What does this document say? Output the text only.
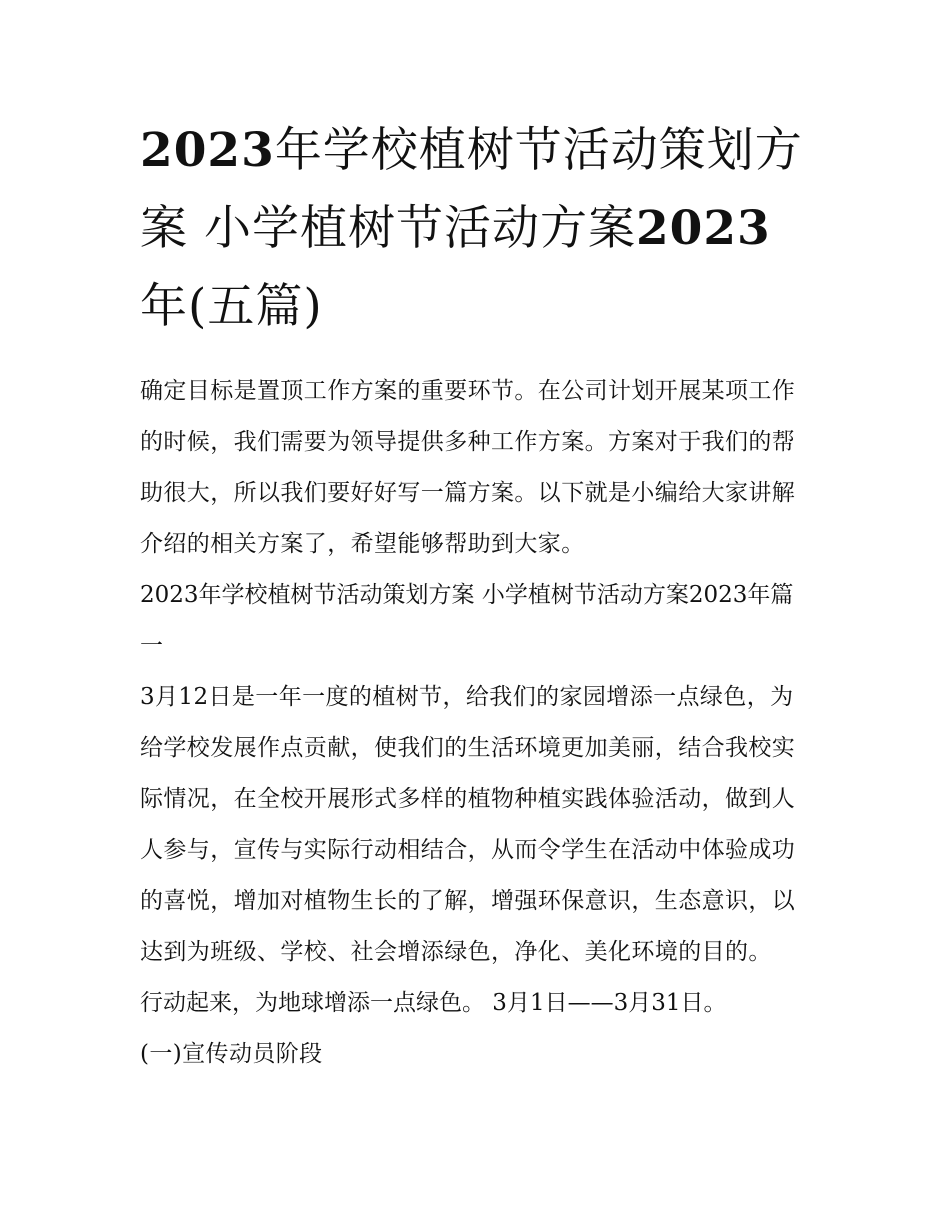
2023年学校植树节活动策划方案 小学植树节活动方案2023年(五篇)

确定目标是置顶工作方案的重要环节。在公司计划开展某项工作的时候，我们需要为领导提供多种工作方案。方案对于我们的帮助很大，所以我们要好好写一篇方案。以下就是小编给大家讲解介绍的相关方案了，希望能够帮助到大家。

2023年学校植树节活动策划方案 小学植树节活动方案2023年篇一

3月12日是一年一度的植树节，给我们的家园增添一点绿色，为给学校发展作点贡献，使我们的生活环境更加美丽，结合我校实际情况，在全校开展形式多样的植物种植实践体验活动，做到人人参与，宣传与实际行动相结合，从而令学生在活动中体验成功的喜悦，增加对植物生长的了解，增强环保意识，生态意识，以达到为班级、学校、社会增添绿色，净化、美化环境的目的。

行动起来，为地球增添一点绿色。 3月1日——3月31日。

(一)宣传动员阶段
